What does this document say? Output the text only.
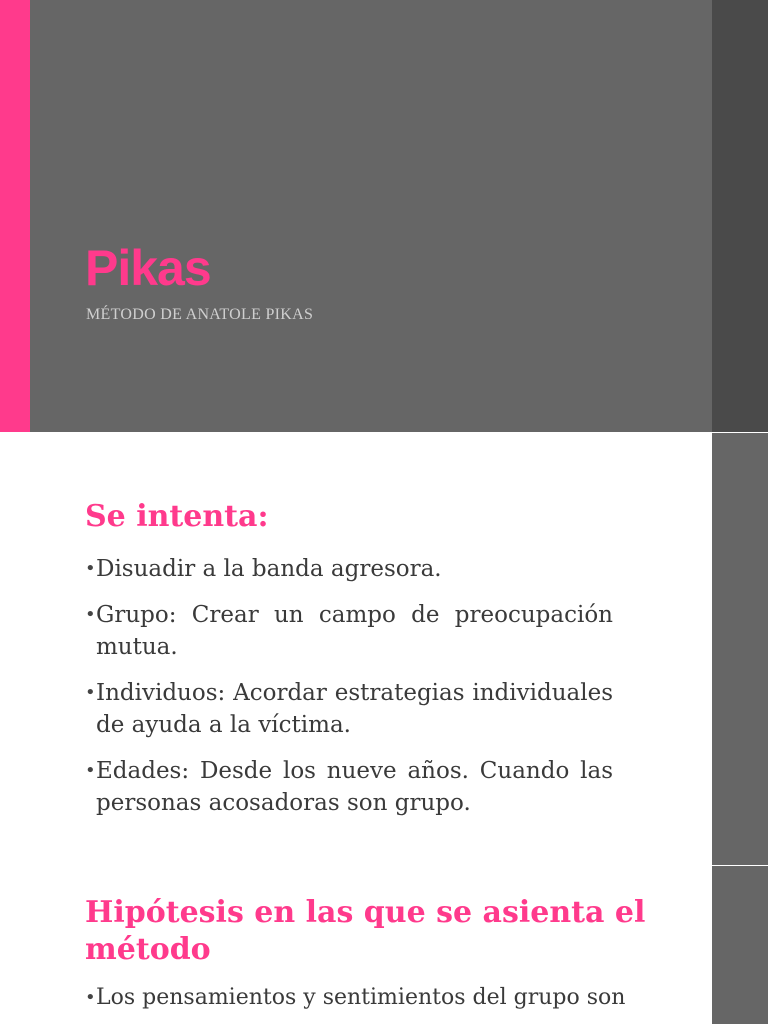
Pikas

MÉTODO DE ANATOLE PIKAS

Se intenta:
• Disuadir a la banda agresora.
• Grupo: Crear un campo de preocupación mutua.
• Individuos: Acordar estrategias individuales de ayuda a la víctima.
• Edades: Desde los nueve años. Cuando las personas acosadoras son grupo.
Hipótesis en las que se asienta el método
• Los pensamientos y sentimientos del grupo son
